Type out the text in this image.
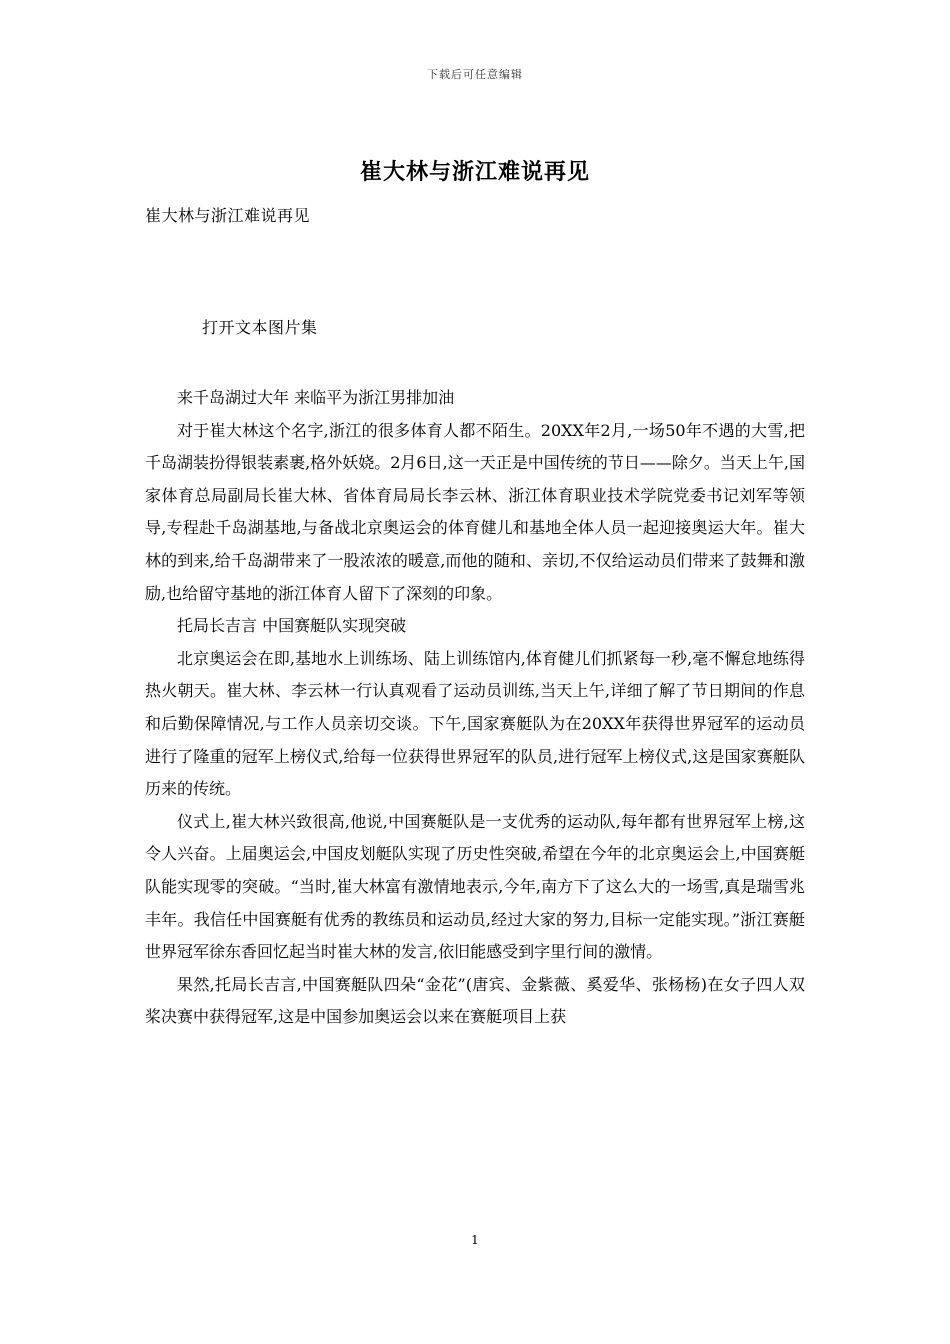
下载后可任意编辑
崔大林与浙江难说再见
崔大林与浙江难说再见
打开文本图片集

来千岛湖过大年 来临平为浙江男排加油

对于崔大林这个名字,浙江的很多体育人都不陌生。20XX年2月,一场50年不遇的大雪,把千岛湖装扮得银装素裹,格外妖娆。2月6日,这一天正是中国传统的节日——除夕。当天上午,国家体育总局副局长崔大林、省体育局局长李云林、浙江体育职业技术学院党委书记刘军等领导,专程赴千岛湖基地,与备战北京奥运会的体育健儿和基地全体人员一起迎接奥运大年。崔大林的到来,给千岛湖带来了一股浓浓的暖意,而他的随和、亲切,不仅给运动员们带来了鼓舞和激励,也给留守基地的浙江体育人留下了深刻的印象。

托局长吉言 中国赛艇队实现突破

北京奥运会在即,基地水上训练场、陆上训练馆内,体育健儿们抓紧每一秒,毫不懈怠地练得热火朝天。崔大林、李云林一行认真观看了运动员训练,当天上午,详细了解了节日期间的作息和后勤保障情况,与工作人员亲切交谈。下午,国家赛艇队为在20XX年获得世界冠军的运动员进行了隆重的冠军上榜仪式,给每一位获得世界冠军的队员,进行冠军上榜仪式,这是国家赛艇队历来的传统。

仪式上,崔大林兴致很高,他说,中国赛艇队是一支优秀的运动队,每年都有世界冠军上榜,这令人兴奋。上届奥运会,中国皮划艇队实现了历史性突破,希望在今年的北京奥运会上,中国赛艇队能实现零的突破。“当时,崔大林富有激情地表示,今年,南方下了这么大的一场雪,真是瑞雪兆丰年。我信任中国赛艇有优秀的教练员和运动员,经过大家的努力,目标一定能实现。”浙江赛艇世界冠军徐东香回忆起当时崔大林的发言,依旧能感受到字里行间的激情。

果然,托局长吉言,中国赛艇队四朵“金花”(唐宾、金紫薇、奚爱华、张杨杨)在女子四人双桨决赛中获得冠军,这是中国参加奥运会以来在赛艇项目上获

1
